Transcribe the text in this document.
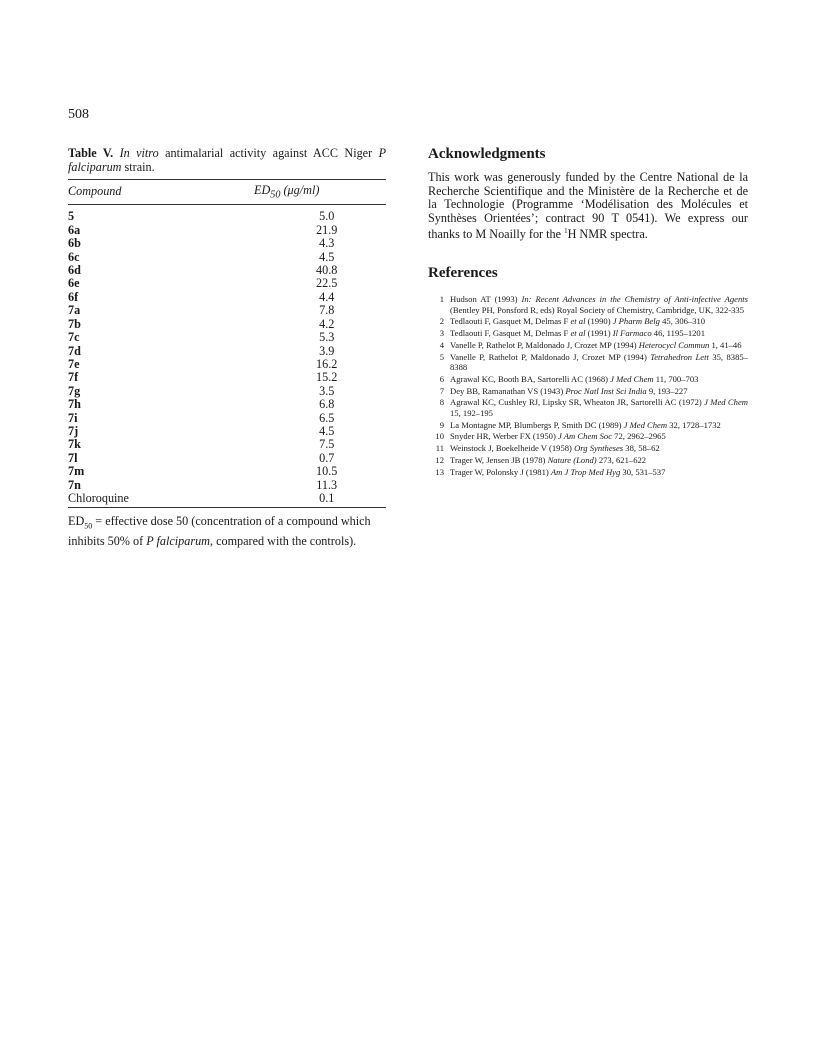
508

Table V. In vitro antimalarial activity against ACC Niger P falciparum strain.

Compound	$ED_{50}$ (μg/ml)
5	5.0
6a	21.9
6b	4.3
6c	4.5
6d	40.8
6e	22.5
6f	4.4
7a	7.8
7b	4.2
7c	5.3
7d	3.9
7e	16.2
7f	15.2
7g	3.5
7h	6.8
7i	6.5
7j	4.5
7k	7.5
7l	0.7
7m	10.5
7n	11.3
Chloroquine	0.1
$ED_{50}$ = effective dose 50 (concentration of a compound which inhibits 50% of P falciparum, compared with the controls).
Acknowledgments

This work was generously funded by the Centre National de la Recherche Scientifique and the Ministère de la Recherche et de la Technologie (Programme ‘Modélisation des Molécules et Synthèses Orientées’; contract 90 T 0541). We express our thanks to M Noailly for the $^1$H NMR spectra.

References
1 Hudson AT (1993) In: Recent Advances in the Chemistry of Anti-infective Agents (Bentley PH, Ponsford R, eds) Royal Society of Chemistry, Cambridge, UK, 322-335
2 Tedlaouti F, Gasquet M, Delmas F et al (1990) J Pharm Belg 45, 306–310
3 Tedlaouti F, Gasquet M, Delmas F et al (1991) Il Farmaco 46, 1195–1201
4 Vanelle P, Rathelot P, Maldonado J, Crozet MP (1994) Heterocycl Commun 1, 41–46
5 Vanelle P, Rathelot P, Maldonado J, Crozet MP (1994) Tetrahedron Lett 35, 8385–8388
6 Agrawal KC, Booth BA, Sartorelli AC (1968) J Med Chem 11, 700–703
7 Dey BB, Ramanathan VS (1943) Proc Natl Inst Sci India 9, 193–227
8 Agrawal KC, Cushley RJ, Lipsky SR, Wheaton JR, Sartorelli AC (1972) J Med Chem 15, 192–195
9 La Montagne MP, Blumbergs P, Smith DC (1989) J Med Chem 32, 1728–1732
10 Snyder HR, Werber FX (1950) J Am Chem Soc 72, 2962–2965
11 Weinstock J, Boekelheide V (1958) Org Syntheses 38, 58–62
12 Trager W, Jensen JB (1978) Nature (Lond) 273, 621–622
13 Trager W, Polonsky J (1981) Am J Trop Med Hyg 30, 531–537
